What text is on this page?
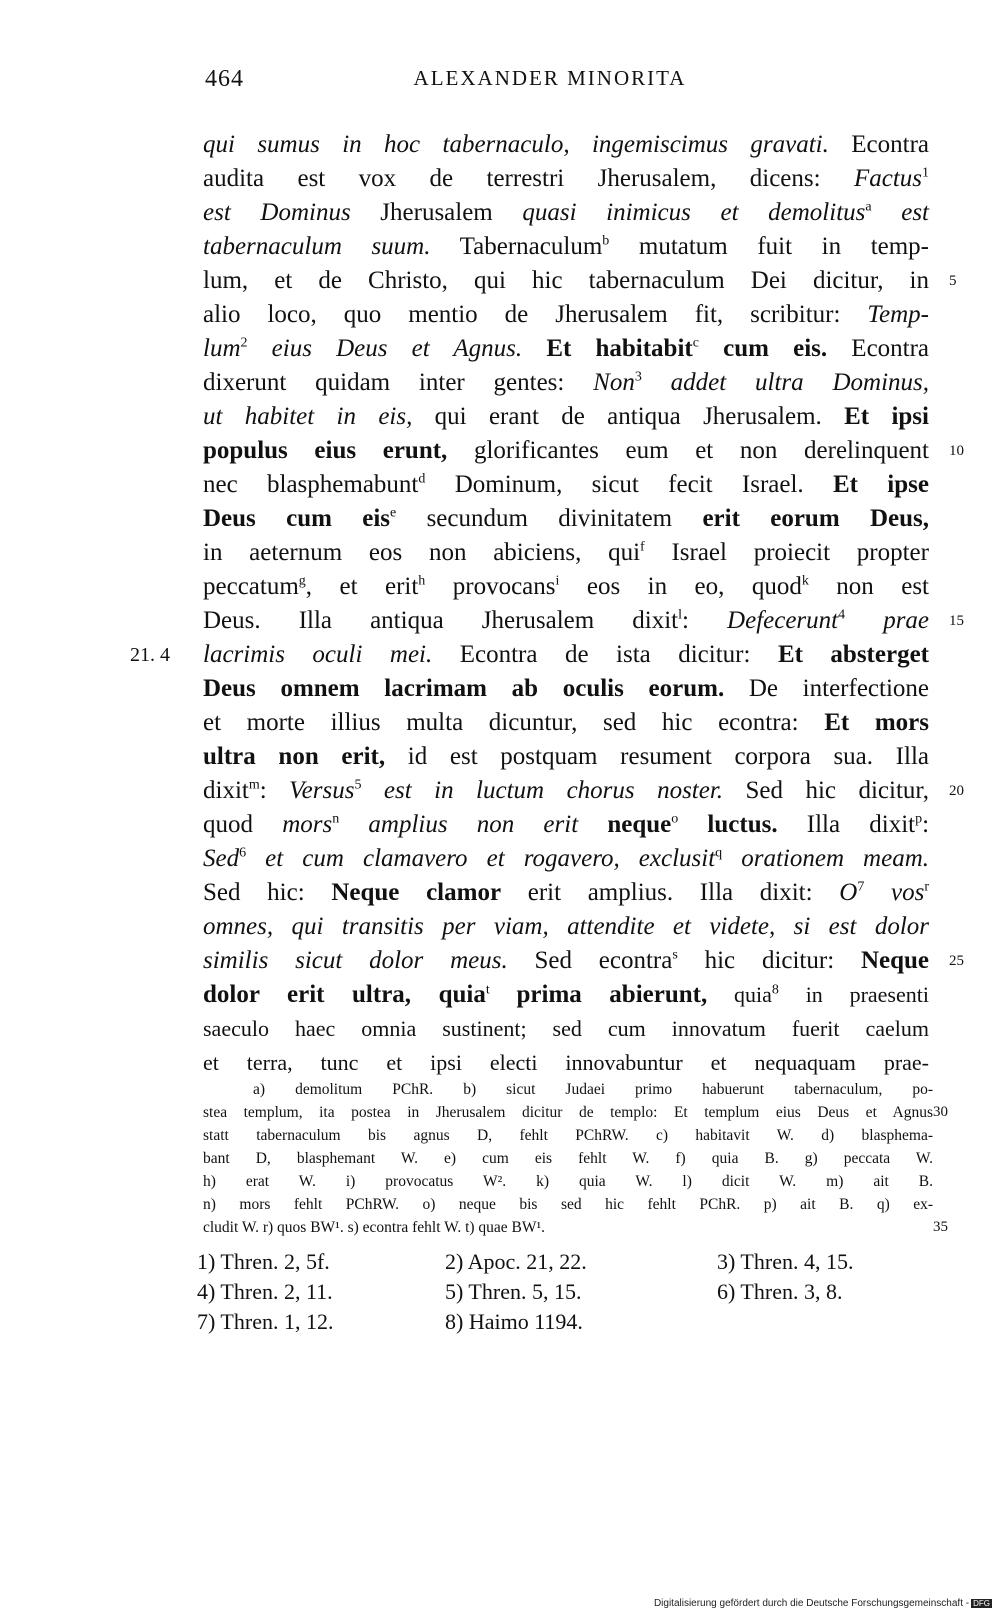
464	ALEXANDER MINORITA
qui sumus in hoc tabernaculo, ingemiscimus gravati. Econtra
audita est vox de terrestri Jherusalem, dicens: Factus$^1$
est Dominus Jherusalem quasi inimicus et demolitus$^a$ est
tabernaculum suum. Tabernaculum$^b$ mutatum fuit in temp-
lum, et de Christo, qui hic tabernaculum Dei dicitur, in 5
alio loco, quo mentio de Jherusalem fit, scribitur: Temp-
lum$^2$ eius Deus et Agnus. Et habitabit$^c$ cum eis. Econtra
dixerunt quidam inter gentes: Non$^3$ addet ultra Dominus,
ut habitet in eis, qui erant de antiqua Jherusalem. Et ipsi
populus eius erunt, glorificantes eum et non derelinquent 10
nec blasphemabunt$^d$ Dominum, sicut fecit Israel. Et ipse
Deus cum eis$^e$ secundum divinitatem erit eorum Deus,
in aeternum eos non abiciens, qui$^f$ Israel proiecit propter
peccatum$^g$, et erit$^h$ provocans$^i$ eos in eo, quod$^k$ non est
Deus. Illa antiqua Jherusalem dixit$^l$: Defecerunt$^4$ prae 15
21. 4 lacrimis oculi mei. Econtra de ista dicitur: Et absterget
Deus omnem lacrimam ab oculis eorum. De interfectione
et morte illius multa dicuntur, sed hic econtra: Et mors
ultra non erit, id est postquam resument corpora sua. Illa
dixit$^m$: Versus$^5$ est in luctum chorus noster. Sed hic dicitur, 20
quod mors$^n$ amplius non erit neque$^o$ luctus. Illa dixit$^p$:
Sed$^6$ et cum clamavero et rogavero, exclusit$^q$ orationem meam.
Sed hic: Neque clamor erit amplius. Illa dixit: $O^7$ vos$^r$
omnes, qui transitis per viam, attendite et videte, si est dolor
similis sicut dolor meus. Sed econtra$^s$ hic dicitur: Neque 25
dolor erit ultra, quia$^t$ prima abierunt, quia$^8$ in praesenti
saeculo haec omnia sustinent; sed cum innovatum fuerit caelum
et terra, tunc et ipsi electi innovabuntur et nequaquam prae-
a) demolitum PChR. b) sicut Judaei primo habuerunt tabernaculum, po-
stea templum, ita postea in Jherusalem dicitur de templo: Et templum eius Deus et Agnus 30
statt tabernaculum bis agnus D, fehlt PChRW. c) habitavit W. d) blasphema-
bant D, blasphemant W. e) cum eis fehlt W. f) quia B. g) peccata W.
h) erat W. i) provocatus W². k) quia W. l) dicit W. m) ait B.
n) mors fehlt PChRW. o) neque bis sed hic fehlt PChR. p) ait B. q) ex-
cludit W. r) quos BW¹. s) econtra fehlt W. t) quae BW¹.	35
1) Thren. 2, 5f.	2) Apoc. 21, 22.	3) Thren. 4, 15.
4) Thren. 2, 11.	5) Thren. 5, 15.	6) Thren. 3, 8.
7) Thren. 1, 12.	8) Haimo 1194.
Digitalisierung gefördert durch die Deutsche Forschungsgemeinschaft - DFG
